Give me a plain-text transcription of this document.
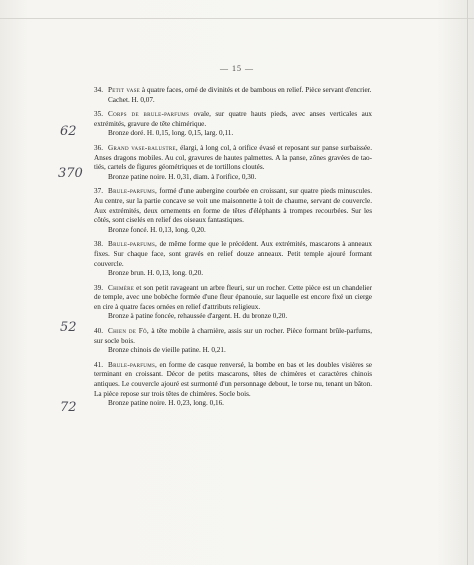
— 15 —
62
370
52
72

34. Petit vase à quatre faces, orné de divinités et de bambous en relief. Pièce servant d'encrier.

Cachet. H. 0,07.

35. Corps de brule-parfums ovale, sur quatre hauts pieds, avec anses verticales aux extrémités, gravure de tête chimérique.

Bronze doré. H. 0,15, long. 0,15, larg. 0,11.

36. Grand vase-balustre, élargi, à long col, à orifice évasé et reposant sur panse surbaissée. Anses dragons mobiles. Au col, gravures de hautes palmettes. A la panse, zônes gravées de tao-tiés, cartels de figures géométriques et de tortillons cloutés.

Bronze patine noire. H. 0,31, diam. à l'orifice, 0,30.

37. Brule-parfums, formé d'une aubergine courbée en croissant, sur quatre pieds minuscules. Au centre, sur la partie concave se voit une maisonnette à toit de chaume, servant de couvercle. Aux extrémités, deux ornements en forme de têtes d'éléphants à trompes recourbées. Sur les côtés, sont ciselés en relief des oiseaux fantastiques.

Bronze foncé. H. 0,13, long. 0,20.

38. Brule-parfums, de même forme que le précédent. Aux extrémités, mascarons à anneaux fixes. Sur chaque face, sont gravés en relief douze anneaux. Petit temple ajouré formant couvercle.

Bronze brun. H. 0,13, long. 0,20.

39. Chimère et son petit ravageant un arbre fleuri, sur un rocher. Cette pièce est un chandelier de temple, avec une bobèche formée d'une fleur épanouie, sur laquelle est encore fixé un cierge en cire à quatre faces ornées en relief d'attributs religieux.

Bronze à patine foncée, rehaussée d'argent. H. du bronze 0,20.

40. Chien de Fô, à tête mobile à charnière, assis sur un rocher. Pièce formant brûle-parfums, sur socle bois.

Bronze chinois de vieille patine. H. 0,21.

41. Brule-parfums, en forme de casque renversé, la bombe en bas et les doubles visières se terminant en croissant. Décor de petits mascarons, têtes de chimères et caractères chinois antiques. Le couvercle ajouré est surmonté d'un personnage debout, le torse nu, tenant un bâton. La pièce repose sur trois têtes de chimères. Socle bois.

Bronze patine noire. H. 0,23, long. 0,16.
